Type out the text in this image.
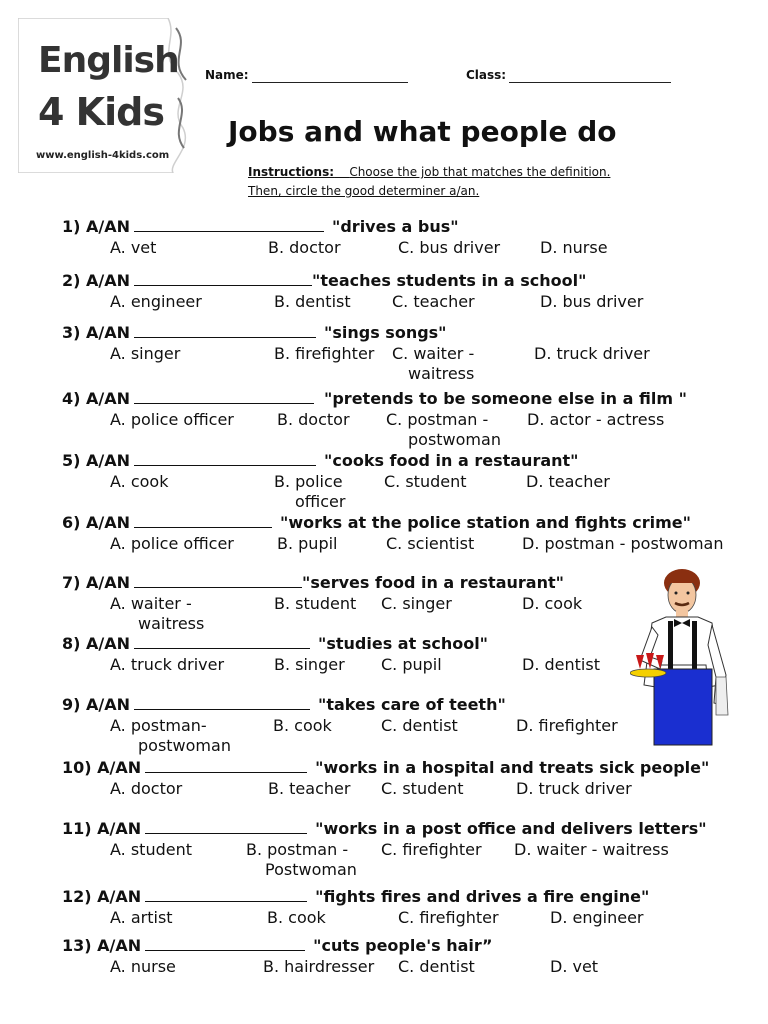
English
4 Kids
www.english-4kids.com
Name:	Class:
Jobs and what people do
Instructions: Choose the job that matches the definition.
Then, circle the good determiner a/an.
1) A/AN	"drives a bus"
A. vet	B. doctor	C. bus driver D. nurse
2) A/AN	"teaches students in a school"
A. engineer	B. dentist	C. teacher	D. bus driver
3) A/AN	"sings songs"
A. singer	B. firefighter C. waiter -	D. truck driver
waitress
4) A/AN	"pretends to be someone else in a film "
A. police officer	B. doctor C. postman - D. actor - actress
postwoman
5) A/AN	"cooks food in a restaurant"
A. cook	B. police	C. student	D. teacher
officer
6) A/AN	"works at the police station and fights crime"
A. police officer	B. pupil	C. scientist	D. postman - postwoman
7) A/AN	"serves food in a restaurant"
A. waiter -	B. student C. singer	D. cook
waitress
8) A/AN	"studies at school"
A. truck driver	B. singer C. pupil	D. dentist
9) A/AN	"takes care of teeth"
A. postman-	B. cook	C. dentist	D. firefighter
postwoman
10) A/AN	"works in a hospital and treats sick people"
A. doctor	B. teacher C. student	D. truck driver
11) A/AN	"works in a post office and delivers letters"
A. student	B. postman - C. firefighter D. waiter - waitress
Postwoman
12) A/AN	"fights fires and drives a fire engine"
A. artist	B. cook	C. firefighter	D. engineer
13) A/AN	"cuts people's hair”
A. nurse	B. hairdresser C. dentist	D. vet
